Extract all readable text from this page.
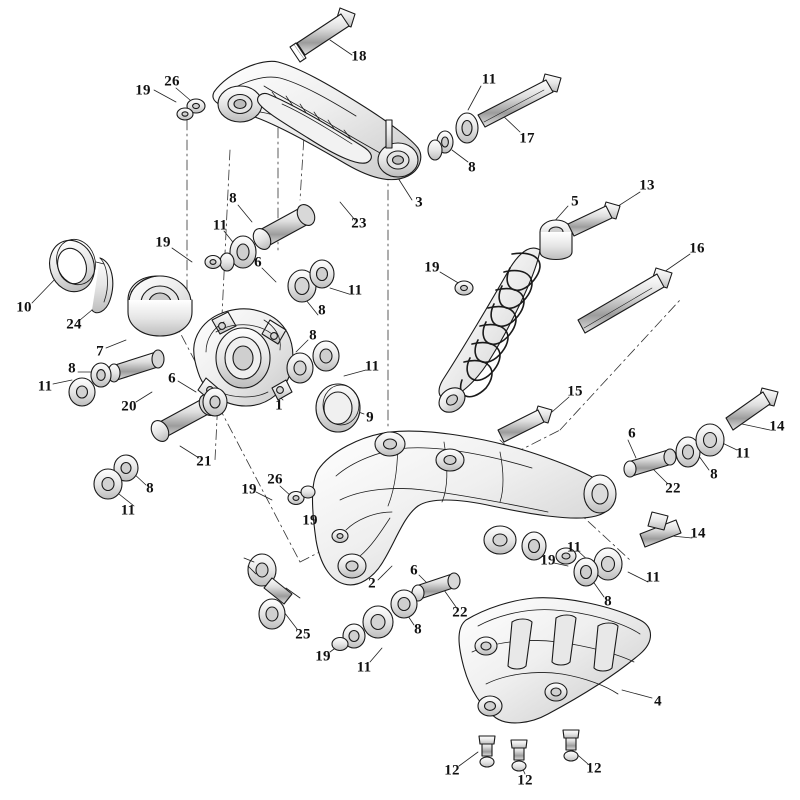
18
19
26	11
17
8
8	3
23
11
5
13
19	16
6	19
10
24
11
8
7
8
11
8
6
11
20
9
1
15
14
11
6
8
22
21
8
11
19
26
19
14
11
19
11
8
2
6
22
25	8
19
11
4
12
12
12
